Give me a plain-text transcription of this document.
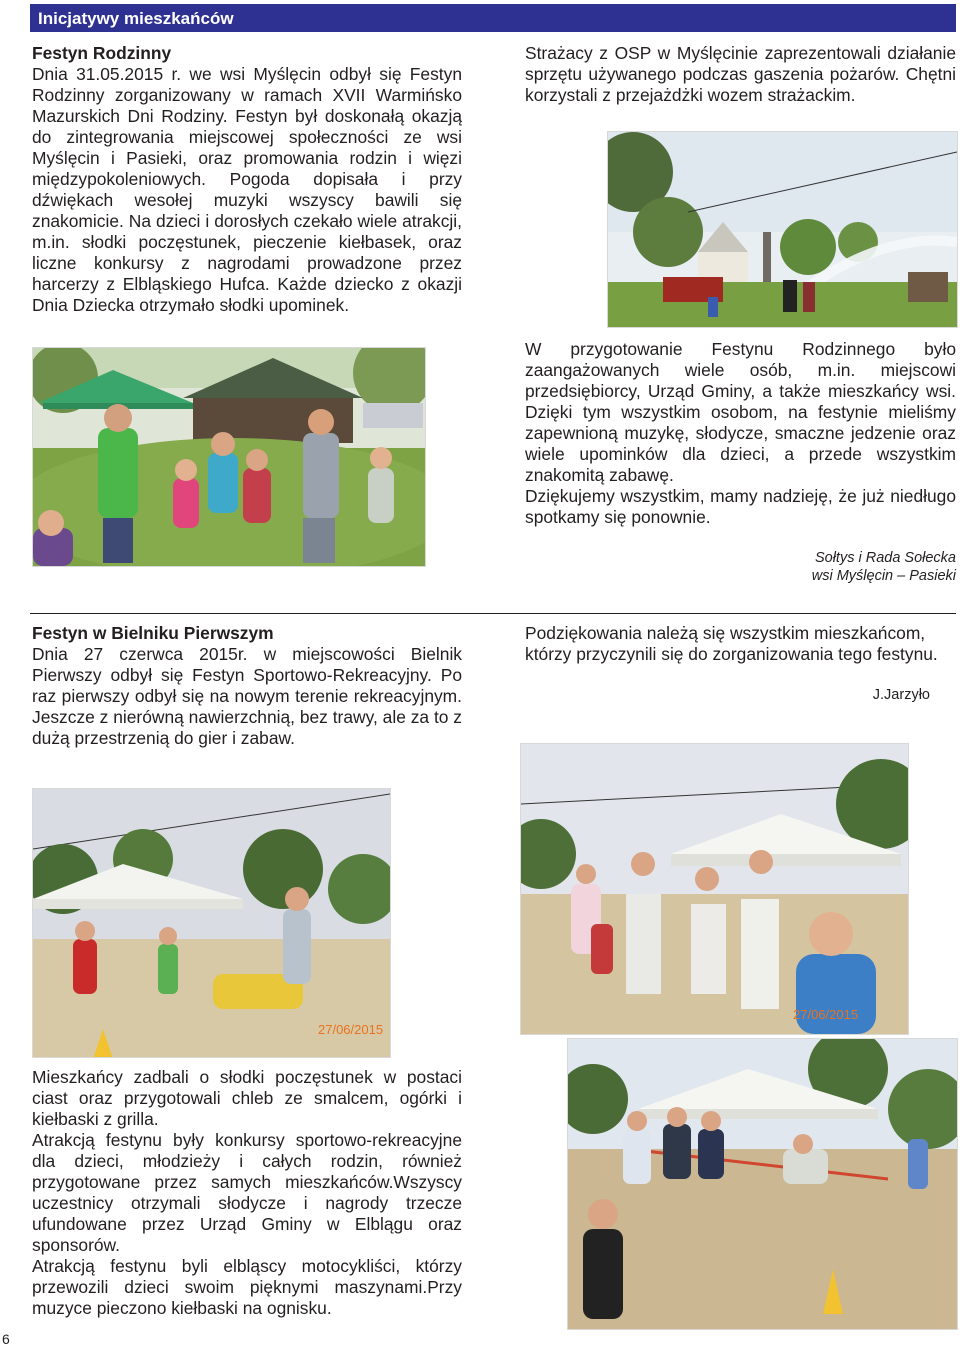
Inicjatywy mieszkańców

Festyn Rodzinny

Dnia 31.05.2015 r. we wsi Myślęcin odbył się Festyn Rodzinny zorganizowany w ramach XVII Warmińsko Mazurskich Dni Rodziny. Festyn był doskonałą okazją do zintegrowania miejscowej społeczności ze wsi Myślęcin i Pasieki, oraz promowania rodzin i więzi międzypokoleniowych. Pogoda dopisała i przy dźwiękach wesołej muzyki wszyscy bawili się znakomicie. Na dzieci i dorosłych czekało wiele atrakcji, m.in. słodki poczęstunek, pieczenie kiełbasek, oraz liczne konkursy z nagrodami prowadzone przez harcerzy z Elbląskiego Hufca. Każde dziecko z okazji Dnia Dziecka otrzymało słodki upominek.

Strażacy z OSP w Myślęcinie zaprezentowali działanie sprzętu używanego podczas gaszenia pożarów. Chętni korzystali z przejażdżki wozem strażackim.

W przygotowanie Festynu Rodzinnego było zaangażowanych wiele osób, m.in. miejscowi przedsiębiorcy, Urząd Gminy, a także mieszkańcy wsi. Dzięki tym wszystkim osobom, na festynie mieliśmy zapewnioną muzykę, słodycze, smaczne jedzenie oraz wiele upominków dla dzieci, a przede wszystkim znakomitą zabawę.

Dziękujemy wszystkim, mamy nadzieję, że już niedługo spotkamy się ponownie.

Sołtys i Rada Sołecka
wsi Myślęcin – Pasieki

Festyn w Bielniku Pierwszym

Dnia 27 czerwca 2015r. w miejscowości Bielnik Pierwszy odbył się Festyn Sportowo-Rekreacyjny. Po raz pierwszy odbył się na nowym terenie rekreacyjnym. Jeszcze z nierówną nawierzchnią, bez trawy, ale za to z dużą przestrzenią do gier i zabaw.

Podziękowania należą się wszystkim mieszkańcom, którzy przyczynili się do zorganizowania tego festynu.

J.Jarzyło
27/06/2015
27/06/2015

Mieszkańcy zadbali o słodki poczęstunek w postaci ciast oraz przygotowali chleb ze smalcem, ogórki i kiełbaski z grilla.

Atrakcją festynu były konkursy sportowo-rekreacyjne dla dzieci, młodzieży i całych rodzin, również przygotowane przez samych mieszkańców.Wszyscy uczestnicy otrzymali słodycze i nagrody trzecze ufundowane przez Urząd Gminy w Elblągu oraz sponsorów.

Atrakcją festynu byli elbląscy motocykliści, którzy przewozili dzieci swoim pięknymi maszynami.Przy muzyce pieczono kiełbaski na ognisku.

6
